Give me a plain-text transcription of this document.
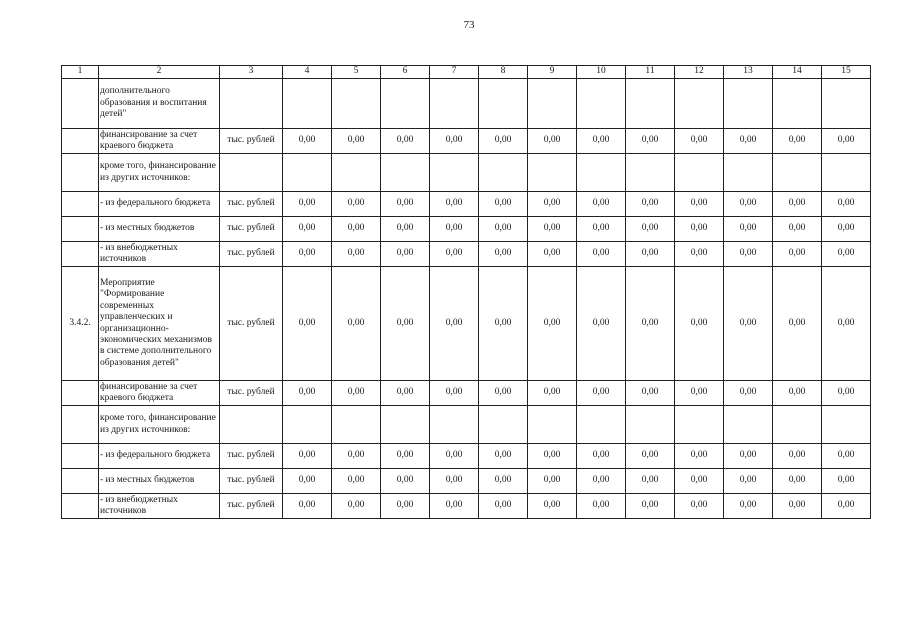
73
1	2	3	4	5	6	7	8	9	10	11	12	13	14	15
	дополнительного образования и воспитания детей"													
	финансирование за счет краевого бюджета	тыс. рублей	0,00	0,00	0,00	0,00	0,00	0,00	0,00	0,00	0,00	0,00	0,00	0,00
	кроме того, финансирование из других источников:													
	- из федерального бюджета	тыс. рублей	0,00	0,00	0,00	0,00	0,00	0,00	0,00	0,00	0,00	0,00	0,00	0,00
	- из местных бюджетов	тыс. рублей	0,00	0,00	0,00	0,00	0,00	0,00	0,00	0,00	0,00	0,00	0,00	0,00
	- из внебюджетных источников	тыс. рублей	0,00	0,00	0,00	0,00	0,00	0,00	0,00	0,00	0,00	0,00	0,00	0,00
3.4.2.	Мероприятие "Формирование современных управленческих и организационно-экономических механизмов в системе дополнительного образования детей"	тыс. рублей	0,00	0,00	0,00	0,00	0,00	0,00	0,00	0,00	0,00	0,00	0,00	0,00
	финансирование за счет краевого бюджета	тыс. рублей	0,00	0,00	0,00	0,00	0,00	0,00	0,00	0,00	0,00	0,00	0,00	0,00
	кроме того, финансирование из других источников:													
	- из федерального бюджета	тыс. рублей	0,00	0,00	0,00	0,00	0,00	0,00	0,00	0,00	0,00	0,00	0,00	0,00
	- из местных бюджетов	тыс. рублей	0,00	0,00	0,00	0,00	0,00	0,00	0,00	0,00	0,00	0,00	0,00	0,00
	- из внебюджетных источников	тыс. рублей	0,00	0,00	0,00	0,00	0,00	0,00	0,00	0,00	0,00	0,00	0,00	0,00
